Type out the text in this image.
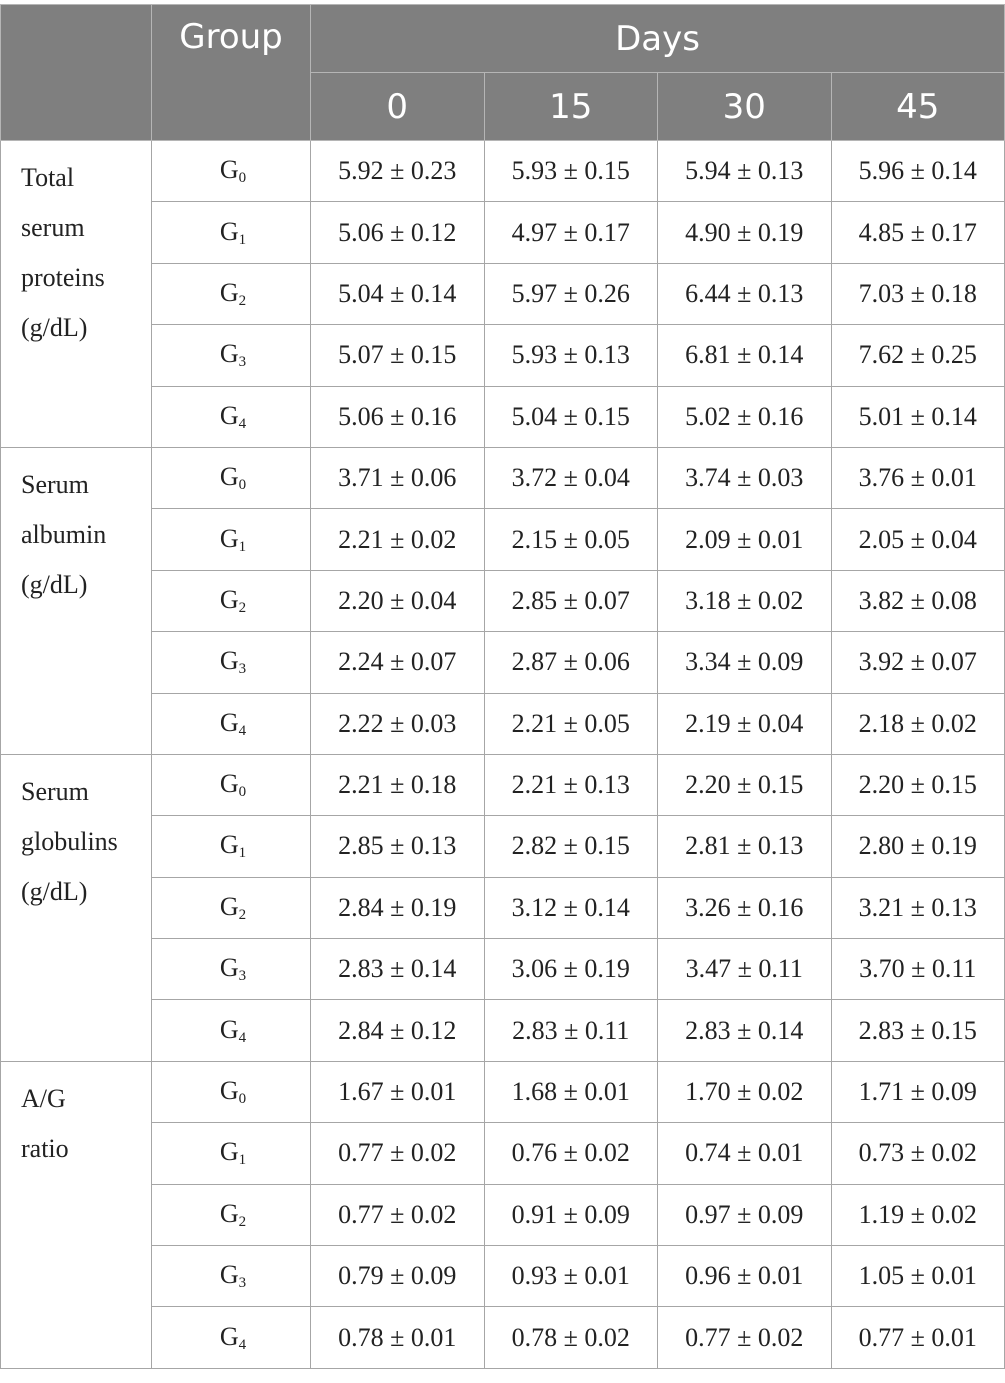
	Group	Days			
		0	15	30	45
Total
serum
proteins
(g/dL)	$G_0$	5.92 ± 0.23	5.93 ± 0.15	5.94 ± 0.13	5.96 ± 0.14
	$G_1$	5.06 ± 0.12	4.97 ± 0.17	4.90 ± 0.19	4.85 ± 0.17
	$G_2$	5.04 ± 0.14	5.97 ± 0.26	6.44 ± 0.13	7.03 ± 0.18
	$G_3$	5.07 ± 0.15	5.93 ± 0.13	6.81 ± 0.14	7.62 ± 0.25
	$G_4$	5.06 ± 0.16	5.04 ± 0.15	5.02 ± 0.16	5.01 ± 0.14
Serum
albumin
(g/dL)	$G_0$	3.71 ± 0.06	3.72 ± 0.04	3.74 ± 0.03	3.76 ± 0.01
	$G_1$	2.21 ± 0.02	2.15 ± 0.05	2.09 ± 0.01	2.05 ± 0.04
	$G_2$	2.20 ± 0.04	2.85 ± 0.07	3.18 ± 0.02	3.82 ± 0.08
	$G_3$	2.24 ± 0.07	2.87 ± 0.06	3.34 ± 0.09	3.92 ± 0.07
	$G_4$	2.22 ± 0.03	2.21 ± 0.05	2.19 ± 0.04	2.18 ± 0.02
Serum
globulins
(g/dL)	$G_0$	2.21 ± 0.18	2.21 ± 0.13	2.20 ± 0.15	2.20 ± 0.15
	$G_1$	2.85 ± 0.13	2.82 ± 0.15	2.81 ± 0.13	2.80 ± 0.19
	$G_2$	2.84 ± 0.19	3.12 ± 0.14	3.26 ± 0.16	3.21 ± 0.13
	$G_3$	2.83 ± 0.14	3.06 ± 0.19	3.47 ± 0.11	3.70 ± 0.11
	$G_4$	2.84 ± 0.12	2.83 ± 0.11	2.83 ± 0.14	2.83 ± 0.15
A/G
ratio	$G_0$	1.67 ± 0.01	1.68 ± 0.01	1.70 ± 0.02	1.71 ± 0.09
	$G_1$	0.77 ± 0.02	0.76 ± 0.02	0.74 ± 0.01	0.73 ± 0.02
	$G_2$	0.77 ± 0.02	0.91 ± 0.09	0.97 ± 0.09	1.19 ± 0.02
	$G_3$	0.79 ± 0.09	0.93 ± 0.01	0.96 ± 0.01	1.05 ± 0.01
	$G_4$	0.78 ± 0.01	0.78 ± 0.02	0.77 ± 0.02	0.77 ± 0.01
